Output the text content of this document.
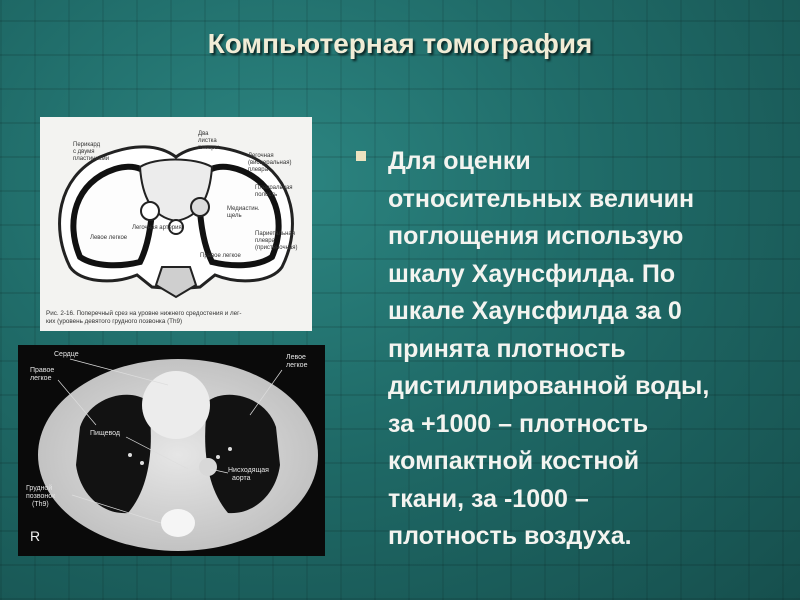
Компьютерная томография
Перикард
с двумя
пластинками
Два
листка
плевры
Легочная
(висцеральная)
плевра
Плевральная
полость
Медиастин.
щель
Париетальная
плевра
(пристеночная)
Левое легкое
Правое легкое
Легочная артерия
Рис. 2-16. Поперечный срез на уровне нижнего средостения и лег-
ких (уровень девятого грудного позвонка (Th9)
Сердце
Правое
легкое
Левое
легкое
Пищевод
Нисходящая
аорта
Грудной
позвонок
(Th9)
R
Для оценки
относительных величин
поглощения использую
шкалу Хаунсфилда. По
шкале Хаунсфилда за 0
принята плотность
дистиллированной воды,
за +1000 – плотность
компактной костной
ткани, за -1000 –
плотность воздуха.
